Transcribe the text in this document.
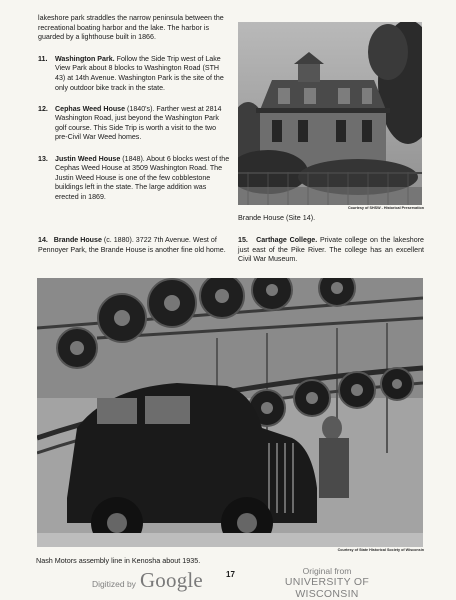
lakeshore park straddles the narrow peninsula between the recreational boating harbor and the lake. The harbor is guarded by a lighthouse built in 1866.

11. Washington Park. Follow the Side Trip west of Lake View Park about 8 blocks to Washington Road (STH 43) at 14th Avenue. Washington Park is the site of the only outdoor bike track in the state.
12. Cephas Weed House (1840's). Farther west at 2814 Washington Road, just beyond the Washington Park golf course. This Side Trip is worth a visit to the two pre-Civil War Weed homes.
13. Justin Weed House (1848). About 6 blocks west of the Cephas Weed House at 3509 Washington Road. The Justin Weed House is one of the few cobblestone buildings left in the state. The large addition was erected in 1869.
Courtesy of SHSW - Historical Preservation
Brande House (Site 14).
14. Brande House (c. 1880). 3722 7th Avenue. West of Pennoyer Park, the Brande House is another fine old home.
15. Carthage College. Private college on the lakeshore just east of the Pike River. The college has an excellent Civil War Museum.
Courtesy of State Historical Society of Wisconsin
Nash Motors assembly line in Kenosha about 1935.
Digitized by Google	17	Original from
UNIVERSITY OF WISCONSIN
